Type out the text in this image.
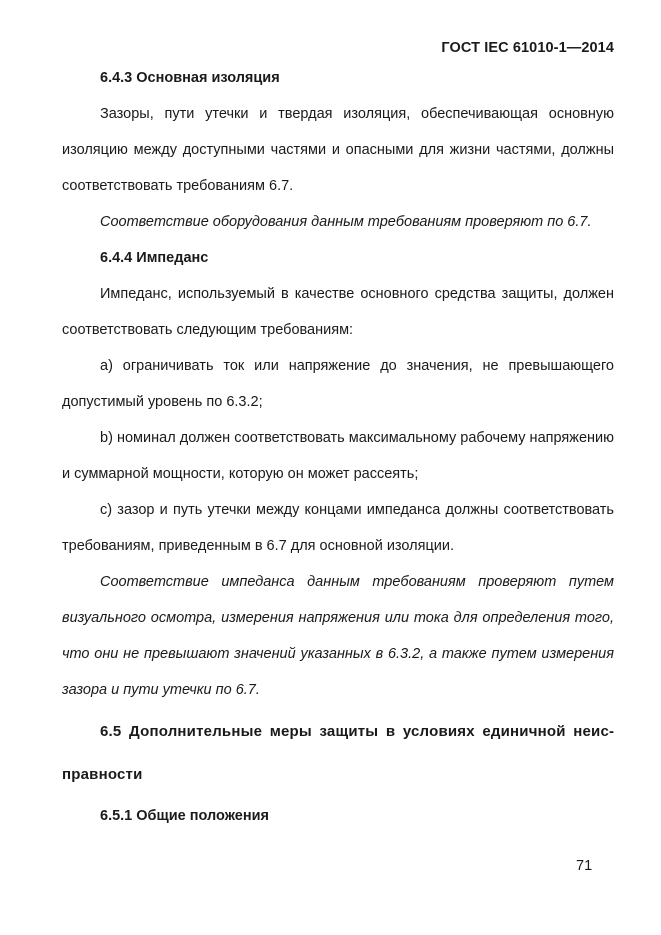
ГОСТ IEC 61010-1—2014

6.4.3 Основная изоляция

Зазоры, пути утечки и твердая изоляция, обеспечивающая основную изоляцию между доступными частями и опасными для жизни частями, должны соответствовать требованиям 6.7.

Соответствие оборудования данным требованиям проверяют по 6.7.

6.4.4 Импеданс

Импеданс, используемый в качестве основного средства защиты, должен соответствовать следующим требованиям:

a) ограничивать ток или напряжение до значения, не превышающего допустимый уровень по 6.3.2;

b) номинал должен соответствовать максимальному рабочему напряжению и суммарной мощности, которую он может рассеять;

c) зазор и путь утечки между концами импеданса должны соответствовать требованиям, приведенным в 6.7 для основной изоляции.

Соответствие импеданса данным требованиям проверяют путем визуального осмотра, измерения напряжения или тока для определения того, что они не превышают значений указанных в 6.3.2, а также путем измерения зазора и пути утечки по 6.7.

6.5 Дополнительные меры защиты в условиях единичной неисправности

6.5.1 Общие положения

71
